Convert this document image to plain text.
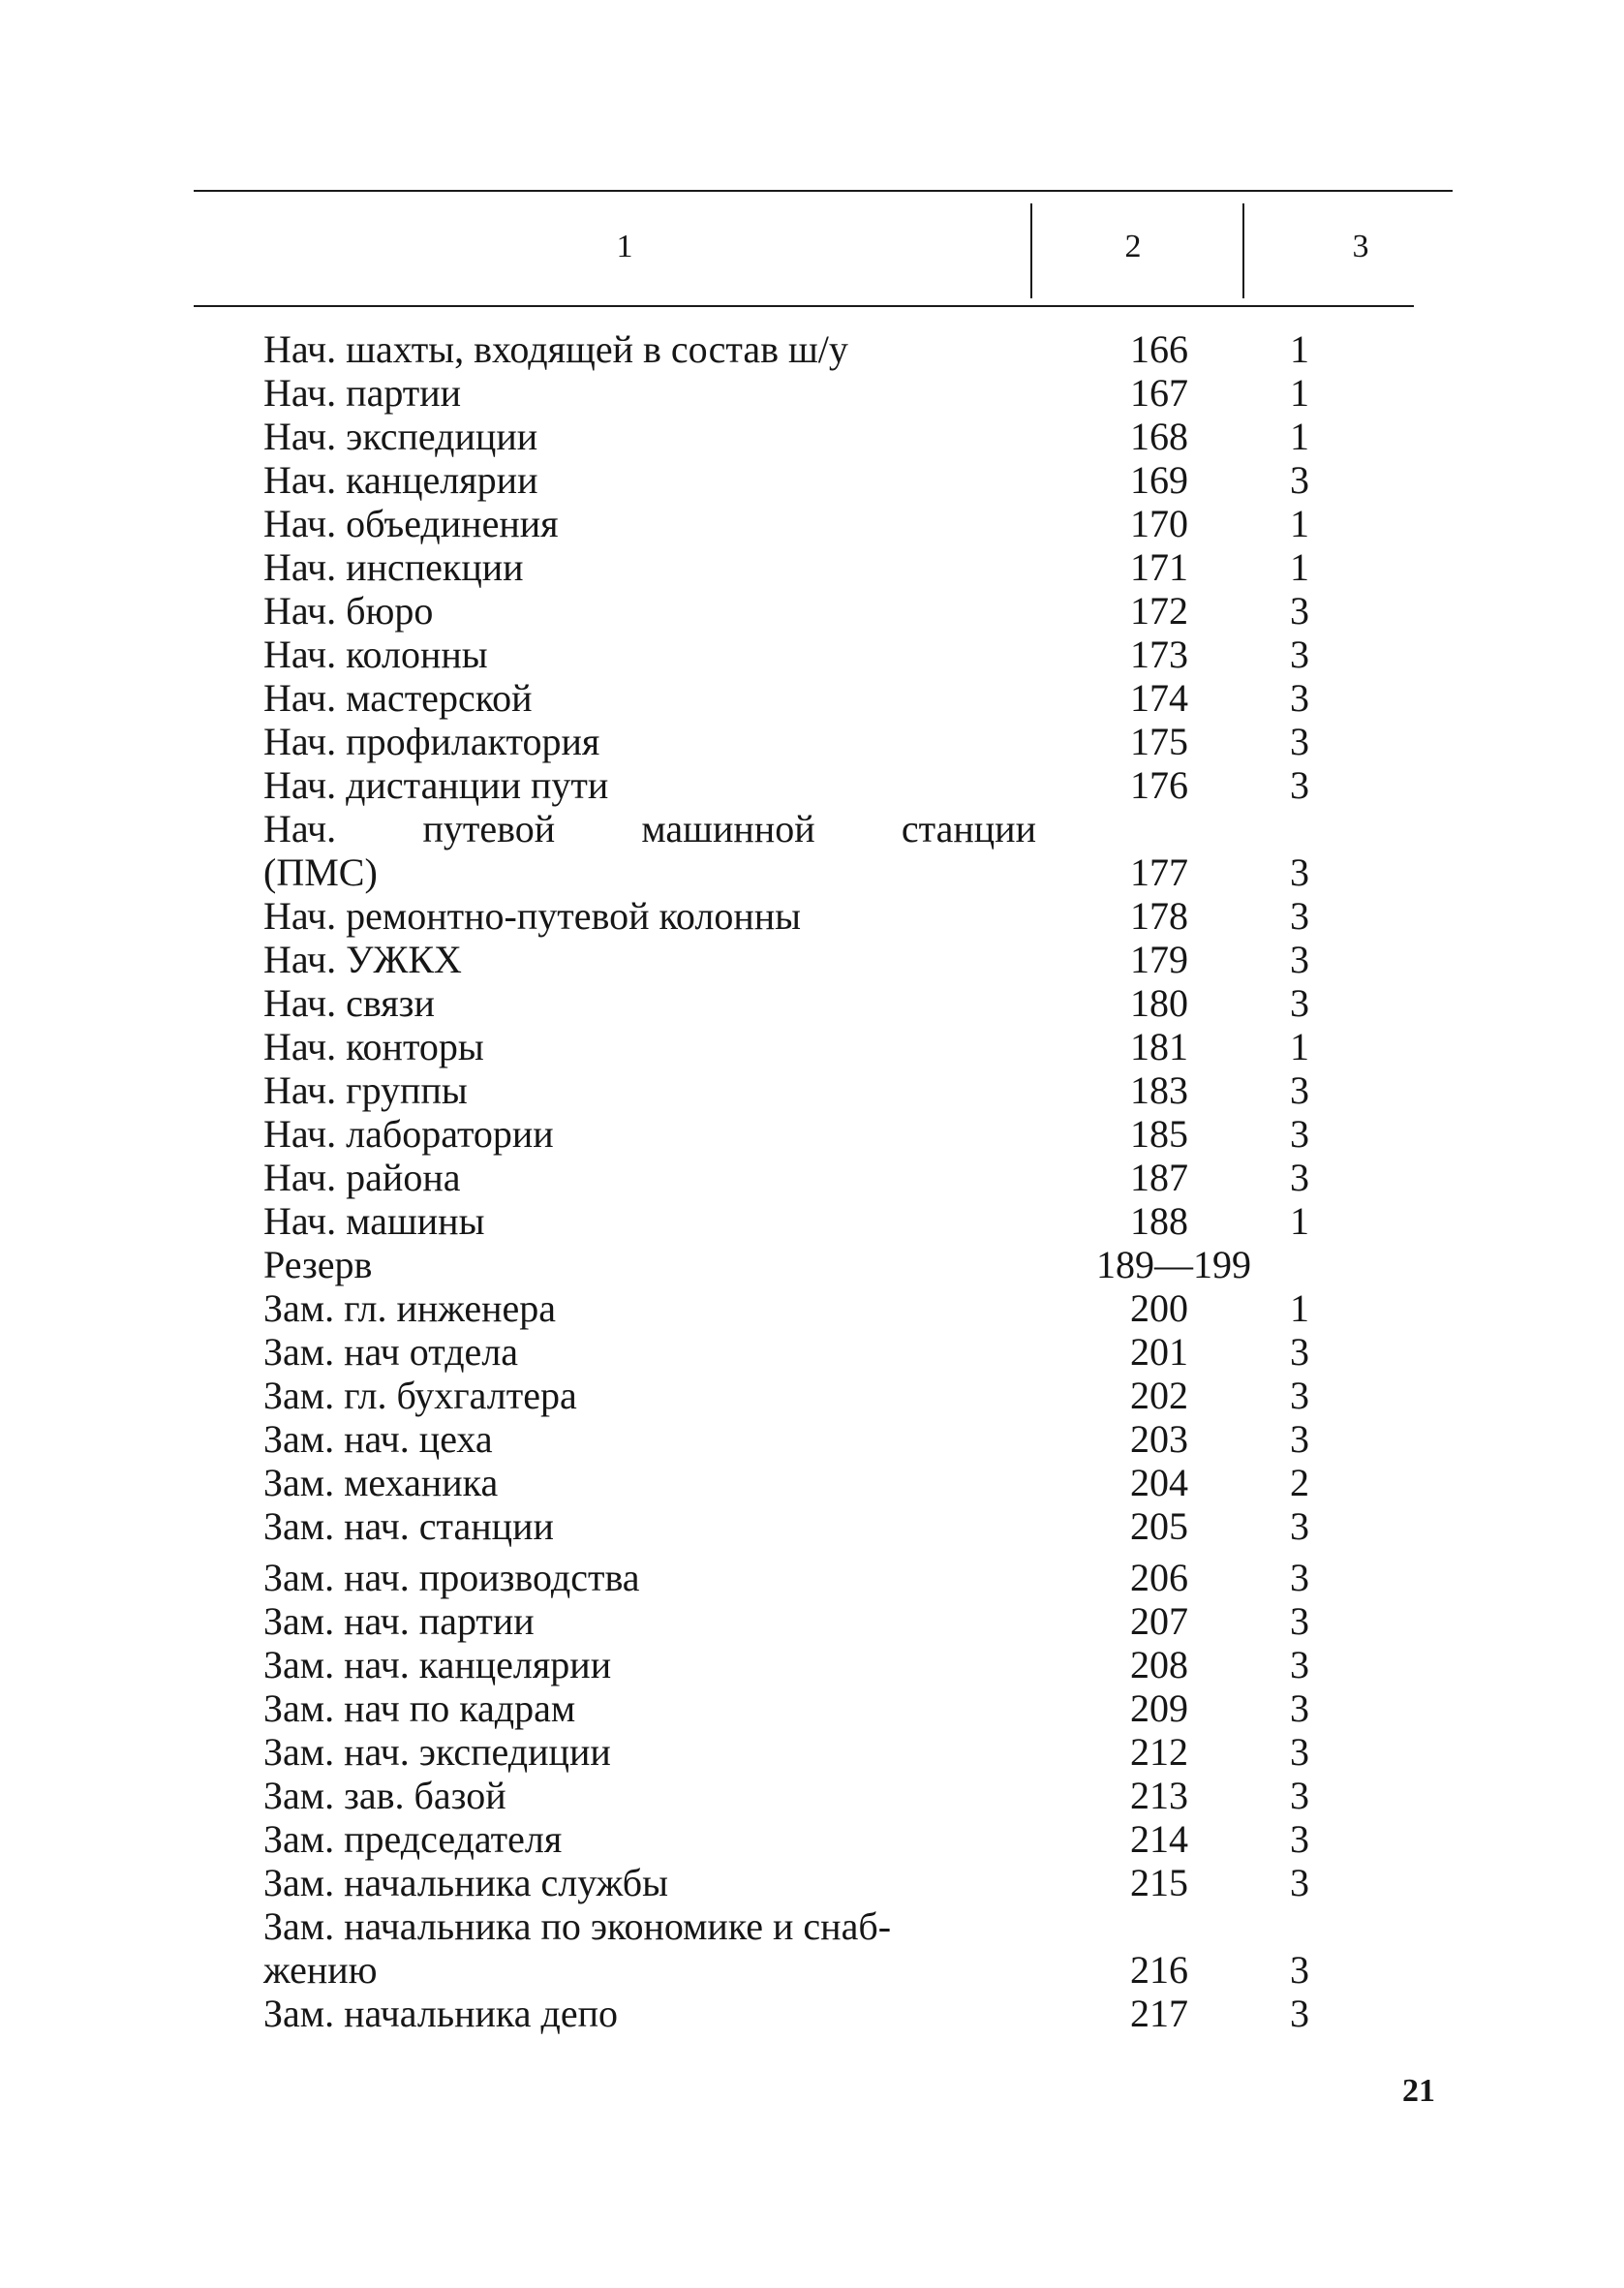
1	2	3
Нач. шахты, входящей в состав ш/у	166	1
Нач. партии	167	1
Нач. экспедиции	168	1
Нач. канцелярии	169	3
Нач. объединения	170	1
Нач. инспекции	171	1
Нач. бюро	172	3
Нач. колонны	173	3
Нач. мастерской	174	3
Нач. профилактория	175	3
Нач. дистанции пути	176	3
Нач. путевой машинной станции
(ПМС)	177	3
Нач. ремонтно-путевой колонны	178	3
Нач. УЖКХ	179	3
Нач. связи	180	3
Нач. конторы	181	1
Нач. группы	183	3
Нач. лаборатории	185	3
Нач. района	187	3
Нач. машины	188	1
Резерв	189—199
Зам. гл. инженера	200	1
Зам. нач отдела	201	3
Зам. гл. бухгалтера	202	3
Зам. нач. цеха	203	3
Зам. механика	204	2
Зам. нач. станции	205	3
Зам. нач. производства	206	3
Зам. нач. партии	207	3
Зам. нач. канцелярии	208	3
Зам. нач по кадрам	209	3
Зам. нач. экспедиции	212	3
Зам. зав. базой	213	3
Зам. председателя	214	3
Зам. начальника службы	215	3
Зам. начальника по экономике и снаб-
жению	216	3
Зам. начальника депо	217	3
21
